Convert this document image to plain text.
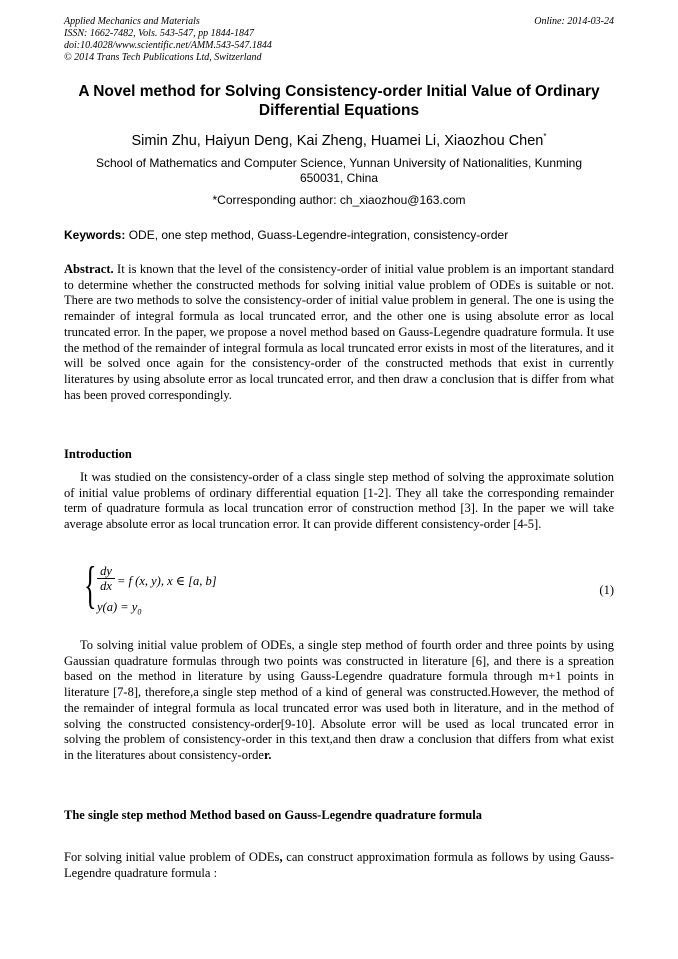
Applied Mechanics and Materials
ISSN: 1662-7482, Vols. 543-547, pp 1844-1847
doi:10.4028/www.scientific.net/AMM.543-547.1844
© 2014 Trans Tech Publications Ltd, Switzerland
Online: 2014-03-24
A Novel method for Solving Consistency-order Initial Value of Ordinary
Differential Equations
Simin Zhu, Haiyun Deng, Kai Zheng, Huamei Li, Xiaozhou Chen*
School of Mathematics and Computer Science, Yunnan University of Nationalities, Kunming
650031, China
*Corresponding author: ch_xiaozhou@163.com
Keywords: ODE, one step method, Guass-Legendre-integration, consistency-order
Abstract. It is known that the level of the consistency-order of initial value problem is an important standard to determine whether the constructed methods for solving initial value problem of ODEs is suitable or not. There are two methods to solve the consistency-order of initial value problem in general. The one is using the remainder of integral formula as local truncated error, and the other one is using absolute error as local truncated error. In the paper, we propose a novel method based on Gauss-Legendre quadrature formula. It use the method of the remainder of integral formula as local truncated error exists in most of the literatures, and it will be solved once again for the consistency-order of the constructed methods that exist in currently literatures by using absolute error as local truncated error, and then draw a conclusion that is differ from what has been proved correspondingly.
Introduction
It was studied on the consistency-order of a class single step method of solving the approximate solution of initial value problems of ordinary differential equation [1-2]. They all take the corresponding remainder term of quadrature formula as local truncation error of construction method [3]. In the paper we will take average absolute error as local truncation error. It can provide different consistency-order [4-5].
{ $\frac{dy}{dx} = f$ (x, y), x ∈ [a, b]
$y(a) = y_0$
(1)
To solving initial value problem of ODEs, a single step method of fourth order and three points by using Gaussian quadrature formulas through two points was constructed in literature [6], and there is a spreation based on the method in literature by using Gauss-Legendre quadrature formula through m+1 points in literature [7-8], therefore,a single step method of a kind of general was constructed.However, the method of the remainder of integral formula as local truncated error was used both in literature, and in the method of solving the constructed consistency-order[9-10]. Absolute error will be used as local truncated error in solving the problem of consistency-order in this text,and then draw a conclusion that differs from what exist in the literatures about consistency-order.
The single step method Method based on Gauss-Legendre quadrature formula
For solving initial value problem of ODEs, can construct approximation formula as follows by using Gauss-Legendre quadrature formula :
